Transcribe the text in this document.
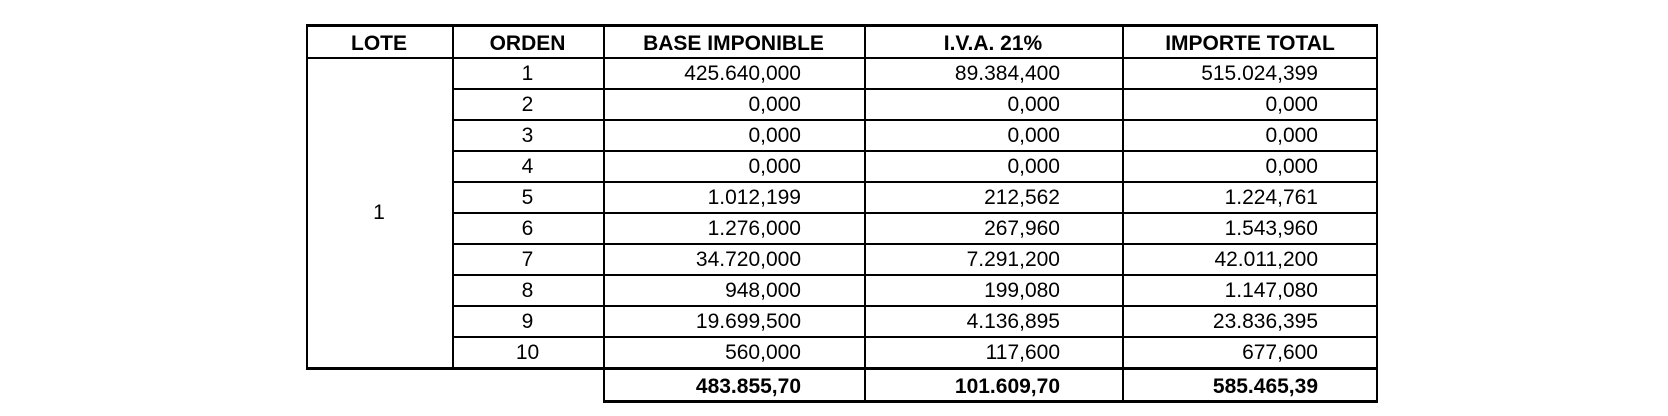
LOTE	ORDEN	BASE IMPONIBLE	I.V.A. 21%	IMPORTE TOTAL
1
1	425.640,000	89.384,400	515.024,399
2	0,000	0,000	0,000
3	0,000	0,000	0,000
4	0,000	0,000	0,000
5	1.012,199	212,562	1.224,761
6	1.276,000	267,960	1.543,960
7	34.720,000	7.291,200	42.011,200
8	948,000	199,080	1.147,080
9	19.699,500	4.136,895	23.836,395
10	560,000	117,600	677,600
483.855,70	101.609,70	585.465,39
